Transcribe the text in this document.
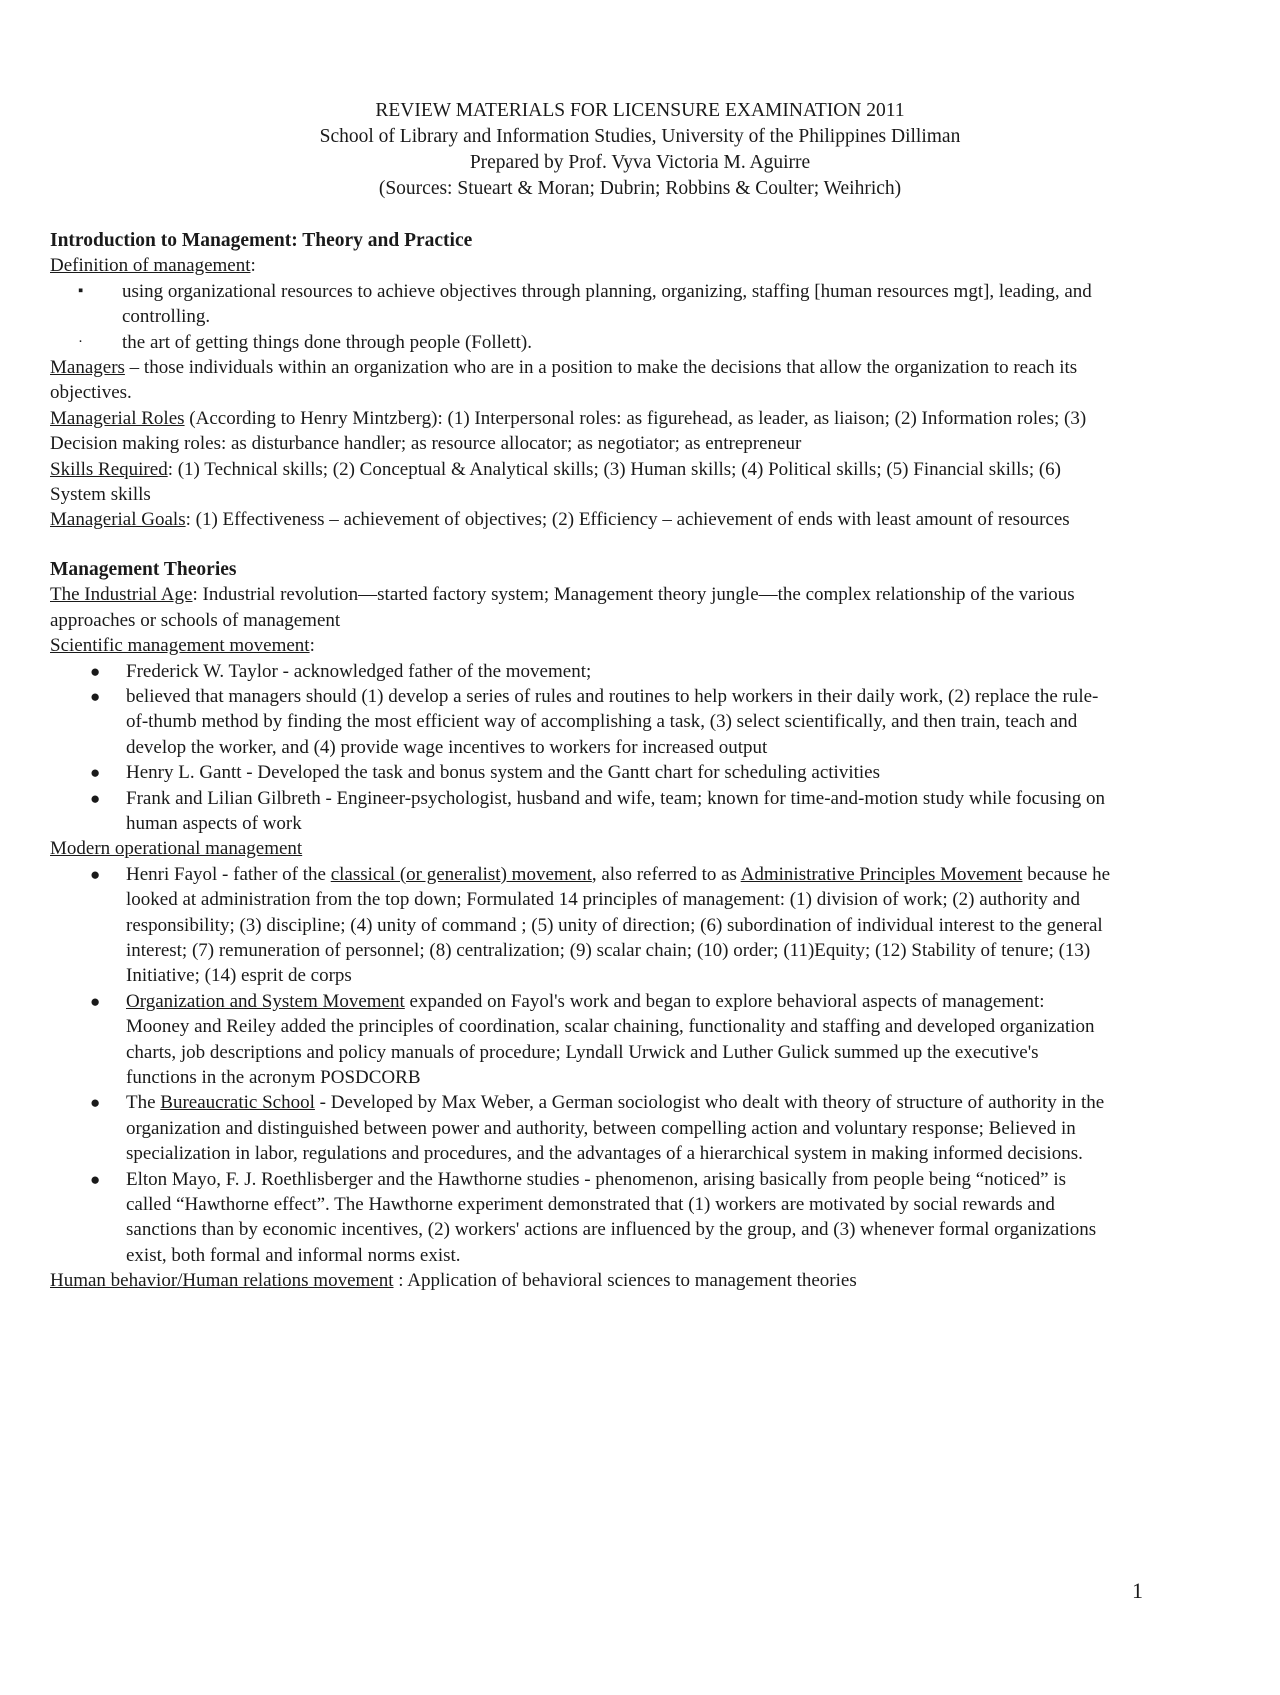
REVIEW MATERIALS FOR LICENSURE EXAMINATION 2011
School of Library and Information Studies, University of the Philippines Dilliman
Prepared by Prof. Vyva Victoria M. Aguirre
(Sources: Stueart & Moran; Dubrin; Robbins & Coulter; Weihrich)
Introduction to Management: Theory and Practice
Definition of management:
▪ using organizational resources to achieve objectives through planning, organizing, staffing [human resources mgt], leading, and controlling.
· the art of getting things done through people (Follett).
Managers – those individuals within an organization who are in a position to make the decisions that allow the organization to reach its objectives.
Managerial Roles (According to Henry Mintzberg): (1) Interpersonal roles: as figurehead, as leader, as liaison; (2) Information roles; (3) Decision making roles: as disturbance handler; as resource allocator; as negotiator; as entrepreneur
Skills Required: (1) Technical skills; (2) Conceptual & Analytical skills; (3) Human skills; (4) Political skills; (5) Financial skills; (6) System skills
Managerial Goals: (1) Effectiveness – achievement of objectives; (2) Efficiency – achievement of ends with least amount of resources
Management Theories
The Industrial Age: Industrial revolution—started factory system; Management theory jungle—the complex relationship of the various approaches or schools of management
Scientific management movement:
● Frederick W. Taylor - acknowledged father of the movement;
● believed that managers should (1) develop a series of rules and routines to help workers in their daily work, (2) replace the rule-of-thumb method by finding the most efficient way of accomplishing a task, (3) select scientifically, and then train, teach and develop the worker, and (4) provide wage incentives to workers for increased output
● Henry L. Gantt - Developed the task and bonus system and the Gantt chart for scheduling activities
● Frank and Lilian Gilbreth - Engineer-psychologist, husband and wife, team; known for time-and-motion study while focusing on human aspects of work
Modern operational management
● Henri Fayol - father of the classical (or generalist) movement, also referred to as Administrative Principles Movement because he looked at administration from the top down; Formulated 14 principles of management: (1) division of work; (2) authority and responsibility; (3) discipline; (4) unity of command ; (5) unity of direction; (6) subordination of individual interest to the general interest; (7) remuneration of personnel; (8) centralization; (9) scalar chain; (10) order; (11)Equity; (12) Stability of tenure; (13) Initiative; (14) esprit de corps
● Organization and System Movement expanded on Fayol's work and began to explore behavioral aspects of management: Mooney and Reiley added the principles of coordination, scalar chaining, functionality and staffing and developed organization charts, job descriptions and policy manuals of procedure; Lyndall Urwick and Luther Gulick summed up the executive's functions in the acronym POSDCORB
● The Bureaucratic School - Developed by Max Weber, a German sociologist who dealt with theory of structure of authority in the organization and distinguished between power and authority, between compelling action and voluntary response; Believed in specialization in labor, regulations and procedures, and the advantages of a hierarchical system in making informed decisions.
● Elton Mayo, F. J. Roethlisberger and the Hawthorne studies - phenomenon, arising basically from people being “noticed” is called “Hawthorne effect”. The Hawthorne experiment demonstrated that (1) workers are motivated by social rewards and sanctions than by economic incentives, (2) workers' actions are influenced by the group, and (3) whenever formal organizations exist, both formal and informal norms exist.
Human behavior/Human relations movement : Application of behavioral sciences to management theories
1
